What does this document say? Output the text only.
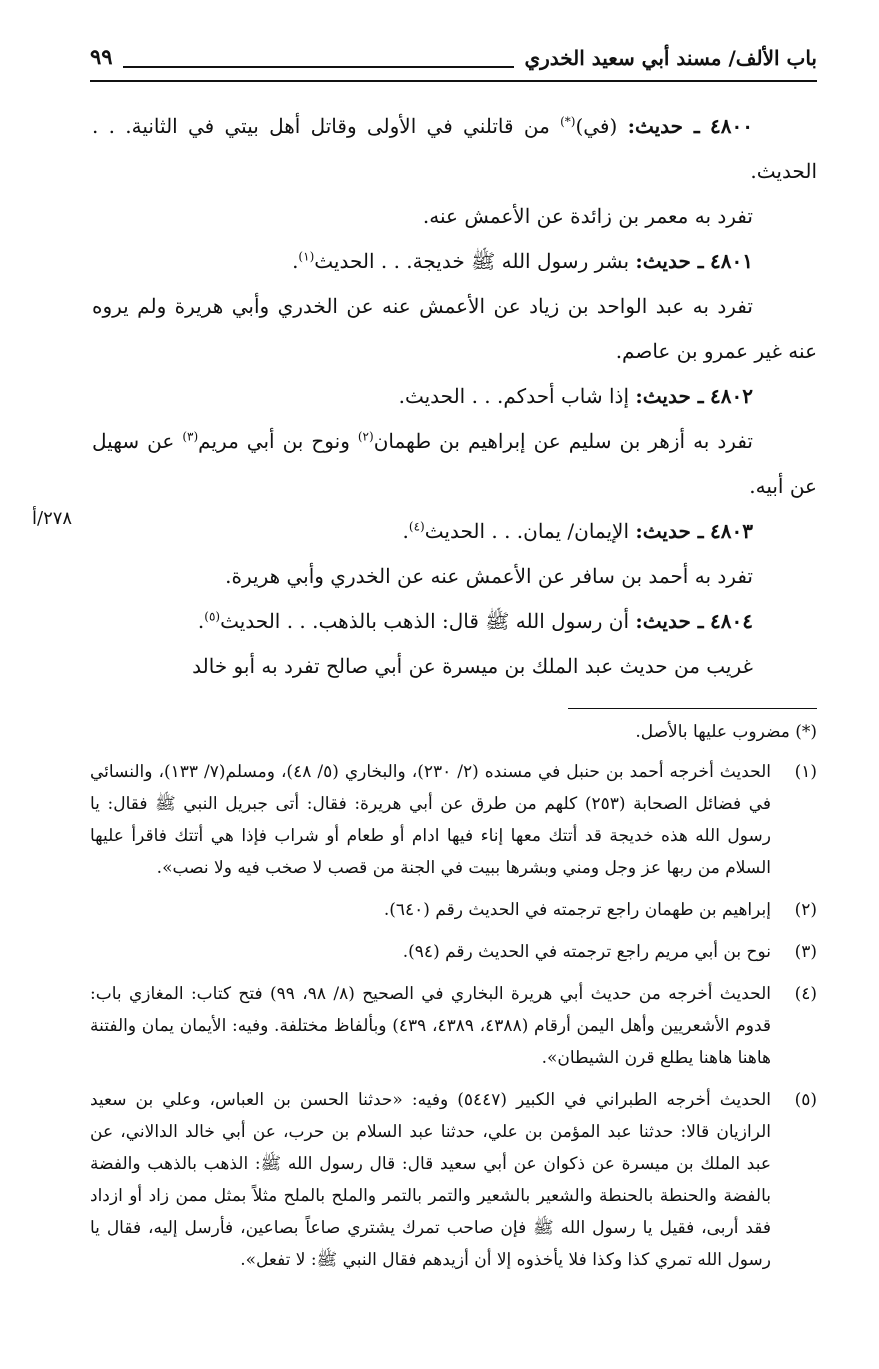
باب الألف/ مسند أبي سعيد الخدري
٩٩
٢٧٨/أ

٤٨٠٠ ـ حديث: (في)(*) من قاتلني في الأولى وقاتل أهل بيتي في الثانية. . . الحديث.

تفرد به معمر بن زائدة عن الأعمش عنه.

٤٨٠١ ـ حديث: بشر رسول الله ﷺ خديجة. . . الحديث$^{(١)}$.

تفرد به عبد الواحد بن زياد عن الأعمش عنه عن الخدري وأبي هريرة ولم يروه عنه غير عمرو بن عاصم.

٤٨٠٢ ـ حديث: إذا شاب أحدكم. . . الحديث.

تفرد به أزهر بن سليم عن إبراهيم بن طهمان$^{(٢)}$ ونوح بن أبي مريم$^{(٣)}$ عن سهيل عن أبيه.

٤٨٠٣ ـ حديث: الإيمان/ يمان. . . الحديث$^{(٤)}$.

تفرد به أحمد بن سافر عن الأعمش عنه عن الخدري وأبي هريرة.

٤٨٠٤ ـ حديث: أن رسول الله ﷺ قال: الذهب بالذهب. . . الحديث$^{(٥)}$.

غريب من حديث عبد الملك بن ميسرة عن أبي صالح تفرد به أبو خالد

(*) مضروب عليها بالأصل.
(١)
الحديث أخرجه أحمد بن حنبل في مسنده (٢/ ٢٣٠)، والبخاري (٥/ ٤٨)، ومسلم(٧/ ١٣٣)، والنسائي في فضائل الصحابة (٢٥٣) كلهم من طرق عن أبي هريرة: فقال: أتى جبريل النبي ﷺ فقال: يا رسول الله هذه خديجة قد أتتك معها إناء فيها ادام أو طعام أو شراب فإذا هي أتتك فاقرأ عليها السلام من ربها عز وجل ومني وبشرها ببيت في الجنة من قصب لا صخب فيه ولا نصب».
(٢)
إبراهيم بن طهمان راجع ترجمته في الحديث رقم (٦٤٠).
(٣)
نوح بن أبي مريم راجع ترجمته في الحديث رقم (٩٤).
(٤)
الحديث أخرجه من حديث أبي هريرة البخاري في الصحيح (٨/ ٩٨، ٩٩) فتح كتاب: المغازي باب: قدوم الأشعريين وأهل اليمن أرقام (٤٣٨٨، ٤٣٨٩، ٤٣٩) وبألفاظ مختلفة. وفيه: الأيمان يمان والفتنة هاهنا هاهنا يطلع قرن الشيطان».
(٥)
الحديث أخرجه الطبراني في الكبير (٥٤٤٧) وفيه: «حدثنا الحسن بن العباس، وعلي بن سعيد الرازيان قالا: حدثنا عبد المؤمن بن علي، حدثنا عبد السلام بن حرب، عن أبي خالد الدالاني، عن عبد الملك بن ميسرة عن ذكوان عن أبي سعيد قال: قال رسول الله ﷺ: الذهب بالذهب والفضة بالفضة والحنطة بالحنطة والشعير بالشعير والتمر بالتمر والملح بالملح مثلاً بمثل ممن زاد أو ازداد فقد أربى، فقيل يا رسول الله ﷺ فإن صاحب تمرك يشتري صاعاً بصاعين، فأرسل إليه، فقال يا رسول الله تمري كذا وكذا فلا يأخذوه إلا أن أزيدهم فقال النبي ﷺ: لا تفعل».
